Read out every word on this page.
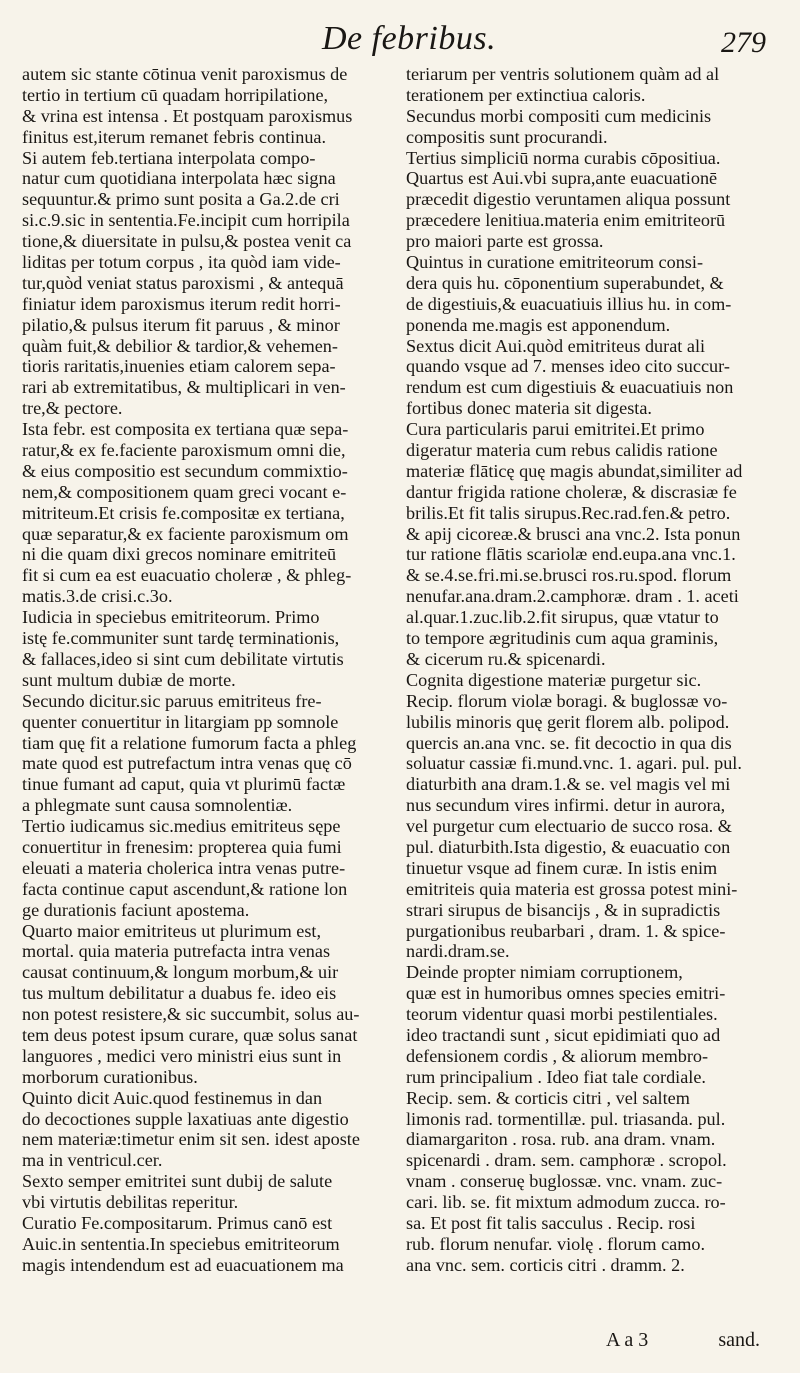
De febribus.	279
autem sic stante cōtinua venit paroxismus de
tertio in tertium cū quadam horripilatione,
& vrina est intensa . Et postquam paroxismus
finitus est,iterum remanet febris continua.
Si autem feb.tertiana interpolata compo-
natur cum quotidiana interpolata hæc signa
sequuntur.& primo sunt posita a Ga.2.de cri
si.c.9.sic in sententia.Fe.incipit cum horripila
tione,& diuersitate in pulsu,& postea venit ca
liditas per totum corpus , ita quòd iam vide-
tur,quòd veniat status paroxismi , & antequā
finiatur idem paroxismus iterum redit horri-
pilatio,& pulsus iterum fit paruus , & minor
quàm fuit,& debilior & tardior,& vehemen-
tioris raritatis,inuenies etiam calorem sepa-
rari ab extremitatibus, & multiplicari in ven-
tre,& pectore.
Ista febr. est composita ex tertiana quæ sepa-
ratur,& ex fe.faciente paroxismum omni die,
& eius compositio est secundum commixtio-
nem,& compositionem quam greci vocant e-
mitriteum.Et crisis fe.compositæ ex tertiana,
quæ separatur,& ex faciente paroxismum om
ni die quam dixi grecos nominare emitriteū
fit si cum ea est euacuatio choleræ , & phleg-
matis.3.de crisi.c.3o.
Iudicia in speciebus emitriteorum. Primo
istę fe.communiter sunt tardę terminationis,
& fallaces,ideo si sint cum debilitate virtutis
sunt multum dubiæ de morte.
Secundo dicitur.sic paruus emitriteus fre-
quenter conuertitur in litargiam pp somnole
tiam quę fit a relatione fumorum facta a phleg
mate quod est putrefactum intra venas quę cō
tinue fumant ad caput, quia vt plurimū factæ
a phlegmate sunt causa somnolentiæ.
Tertio iudicamus sic.medius emitriteus sępe
conuertitur in frenesim: propterea quia fumi
eleuati a materia cholerica intra venas putre-
facta continue caput ascendunt,& ratione lon
ge durationis faciunt apostema.
Quarto maior emitriteus ut plurimum est,
mortal. quia materia putrefacta intra venas
causat continuum,& longum morbum,& uir
tus multum debilitatur a duabus fe. ideo eis
non potest resistere,& sic succumbit, solus au-
tem deus potest ipsum curare, quæ solus sanat
languores , medici vero ministri eius sunt in
morborum curationibus.
Quinto dicit Auic.quod festinemus in dan
do decoctiones supple laxatiuas ante digestio
nem materiæ:timetur enim sit sen. idest aposte
ma in ventricul.cer.
Sexto semper emitritei sunt dubij de salute
vbi virtutis debilitas reperitur.
Curatio Fe.compositarum. Primus canō est
Auic.in sententia.In speciebus emitriteorum
magis intendendum est ad euacuationem ma
teriarum per ventris solutionem quàm ad al
terationem per extinctiua caloris.
Secundus morbi compositi cum medicinis
compositis sunt procurandi.
Tertius simpliciū norma curabis cōpositiua.
Quartus est Aui.vbi supra,ante euacuationē
præcedit digestio veruntamen aliqua possunt
præcedere lenitiua.materia enim emitriteorū
pro maiori parte est grossa.
Quintus in curatione emitriteorum consi-
dera quis hu. cōponentium superabundet, &
de digestiuis,& euacuatiuis illius hu. in com-
ponenda me.magis est apponendum.
Sextus dicit Aui.quòd emitriteus durat ali
quando vsque ad 7. menses ideo cito succur-
rendum est cum digestiuis & euacuatiuis non
fortibus donec materia sit digesta.
Cura particularis parui emitritei.Et primo
digeratur materia cum rebus calidis ratione
materiæ flāticę quę magis abundat,similiter ad
dantur frigida ratione choleræ, & discrasiæ fe
brilis.Et fit talis sirupus.Rec.rad.fen.& petro.
& apij cicoreæ.& brusci ana vnc.2. Ista ponun
tur ratione flātis scariolæ end.eupa.ana vnc.1.
& se.4.se.fri.mi.se.brusci ros.ru.spod. florum
nenufar.ana.dram.2.camphoræ. dram . 1. aceti
al.quar.1.zuc.lib.2.fit sirupus, quæ vtatur to
to tempore ægritudinis cum aqua graminis,
& cicerum ru.& spicenardi.
Cognita digestione materiæ purgetur sic.
Recip. florum violæ boragi. & buglossæ vo-
lubilis minoris quę gerit florem alb. polipod.
quercis an.ana vnc. se. fit decoctio in qua dis
soluatur cassiæ fi.mund.vnc. 1. agari. pul. pul.
diaturbith ana dram.1.& se. vel magis vel mi
nus secundum vires infirmi. detur in aurora,
vel purgetur cum electuario de succo rosa. &
pul. diaturbith.Ista digestio, & euacuatio con
tinuetur vsque ad finem curæ. In istis enim
emitriteis quia materia est grossa potest mini-
strari sirupus de bisancijs , & in supradictis
purgationibus reubarbari , dram. 1. & spice-
nardi.dram.se.
Deinde propter nimiam corruptionem,
quæ est in humoribus omnes species emitri-
teorum videntur quasi morbi pestilentiales.
ideo tractandi sunt , sicut epidimiati quo ad
defensionem cordis , & aliorum membro-
rum principalium . Ideo fiat tale cordiale.
Recip. sem. & corticis citri , vel saltem
limonis rad. tormentillæ. pul. triasanda. pul.
diamargariton . rosa. rub. ana dram. vnam.
spicenardi . dram. sem. camphoræ . scropol.
vnam . conseruę buglossæ. vnc. vnam. zuc-
cari. lib. se. fit mixtum admodum zucca. ro-
sa. Et post fit talis sacculus . Recip. rosi
rub. florum nenufar. violę . florum camo.
ana vnc. sem. corticis citri . dramm. 2.
A a 3	sand.
